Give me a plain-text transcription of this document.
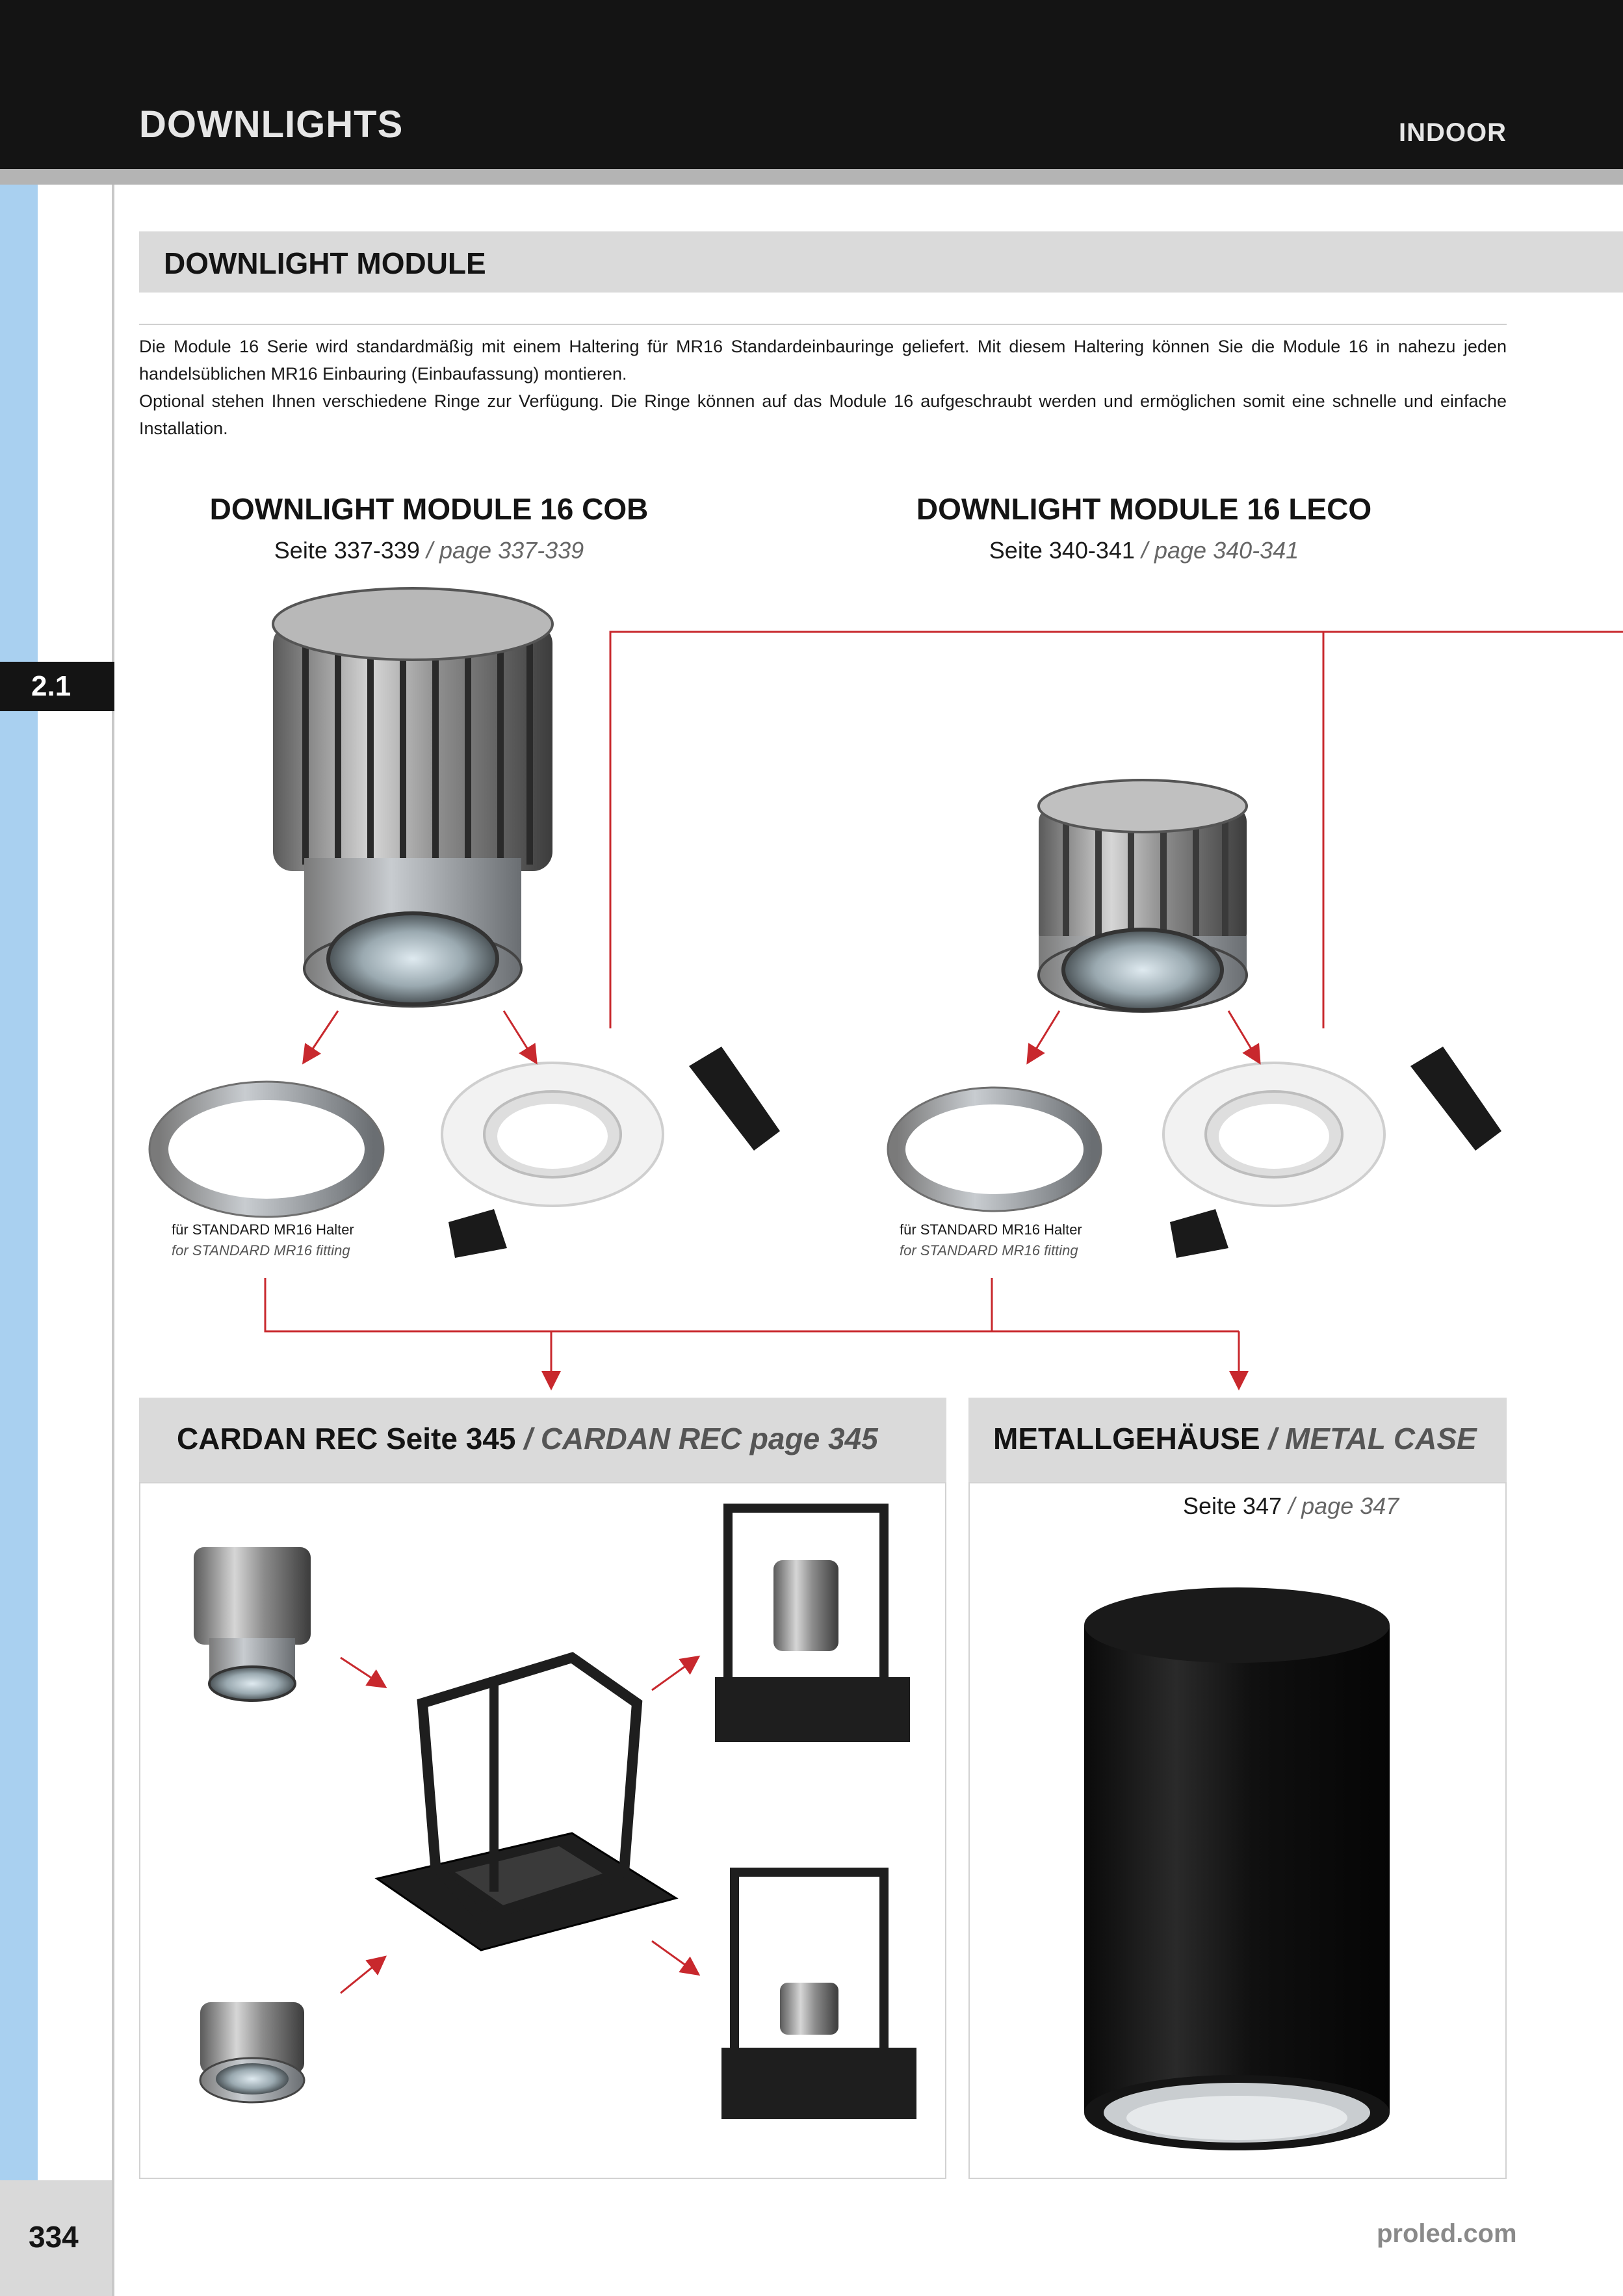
DOWNLIGHTS	INDOOR
2.1
334
DOWNLIGHT MODULE

Die Module 16 Serie wird standardmäßig mit einem Haltering für MR16 Standardeinbauringe geliefert. Mit diesem Haltering können Sie die Module 16 in nahezu jeden handelsüblichen MR16 Einbauring (Einbaufassung) montieren.

Optional stehen Ihnen verschiedene Ringe zur Verfügung. Die Ringe können auf das Module 16 aufgeschraubt werden und ermöglichen somit eine schnelle und einfache Installation.

DOWNLIGHT MODULE 16 COB
Seite 337-339 / page 337-339
DOWNLIGHT MODULE 16 LECO
Seite 340-341 / page 340-341
für STANDARD MR16 Halter
for STANDARD MR16 fitting
für STANDARD MR16 Halter
for STANDARD MR16 fitting
CARDAN REC Seite 345 / CARDAN REC page 345	METALLGEHÄUSE / METAL CASE
Seite 347 / page 347
proled.com
